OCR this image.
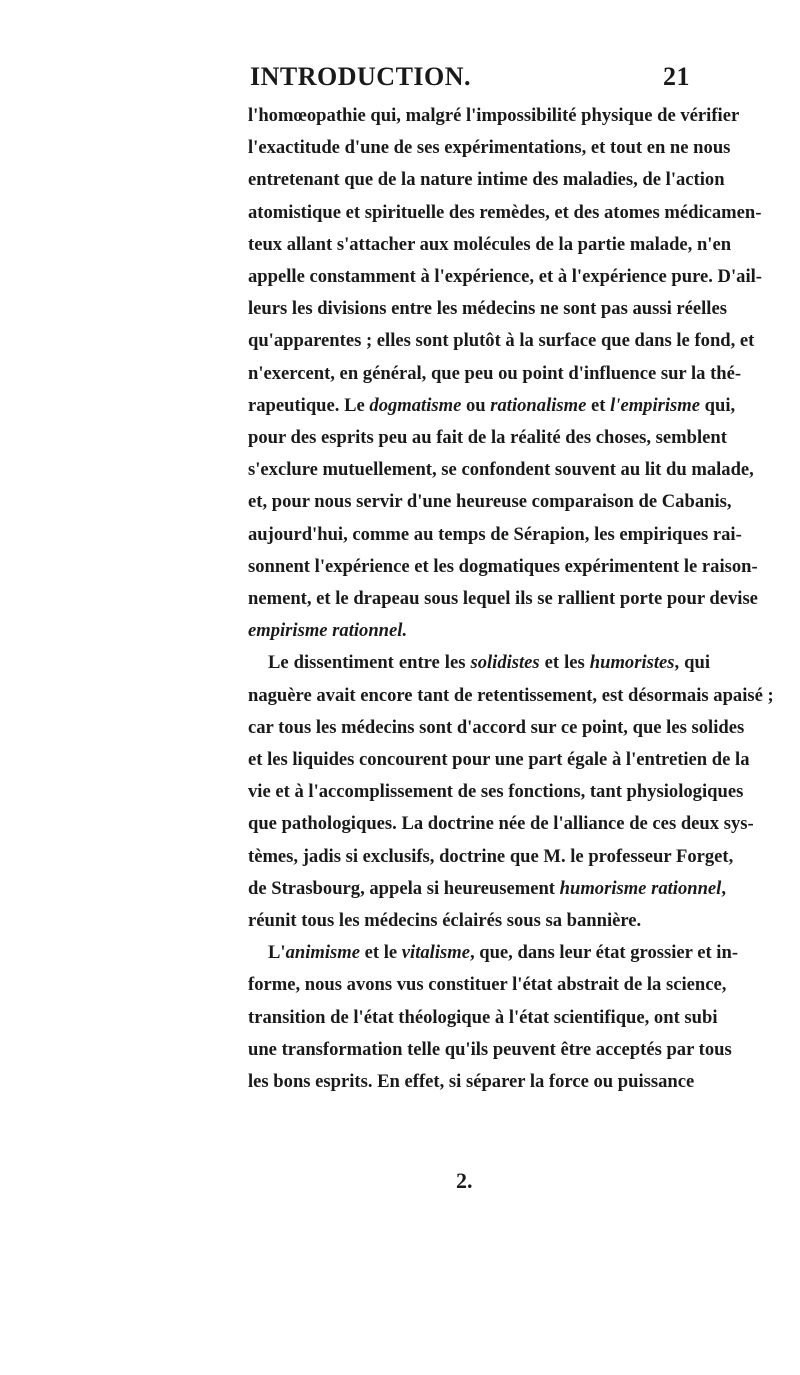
INTRODUCTION.	21
l'homœopathie qui, malgré l'impossibilité physique de vérifier
l'exactitude d'une de ses expérimentations, et tout en ne nous
entretenant que de la nature intime des maladies, de l'action
atomistique et spirituelle des remèdes, et des atomes médicamen-
teux allant s'attacher aux molécules de la partie malade, n'en
appelle constamment à l'expérience, et à l'expérience pure. D'ail-
leurs les divisions entre les médecins ne sont pas aussi réelles
qu'apparentes ; elles sont plutôt à la surface que dans le fond, et
n'exercent, en général, que peu ou point d'influence sur la thé-
rapeutique. Le dogmatisme ou rationalisme et l'empirisme qui,
pour des esprits peu au fait de la réalité des choses, semblent
s'exclure mutuellement, se confondent souvent au lit du malade,
et, pour nous servir d'une heureuse comparaison de Cabanis,
aujourd'hui, comme au temps de Sérapion, les empiriques rai-
sonnent l'expérience et les dogmatiques expérimentent le raison-
nement, et le drapeau sous lequel ils se rallient porte pour devise
empirisme rationnel.
Le dissentiment entre les solidistes et les humoristes, qui
naguère avait encore tant de retentissement, est désormais apaisé ;
car tous les médecins sont d'accord sur ce point, que les solides
et les liquides concourent pour une part égale à l'entretien de la
vie et à l'accomplissement de ses fonctions, tant physiologiques
que pathologiques. La doctrine née de l'alliance de ces deux sys-
tèmes, jadis si exclusifs, doctrine que M. le professeur Forget,
de Strasbourg, appela si heureusement humorisme rationnel,
réunit tous les médecins éclairés sous sa bannière.
L'animisme et le vitalisme, que, dans leur état grossier et in-
forme, nous avons vus constituer l'état abstrait de la science,
transition de l'état théologique à l'état scientifique, ont subi
une transformation telle qu'ils peuvent être acceptés par tous
les bons esprits. En effet, si séparer la force ou puissance
2.
